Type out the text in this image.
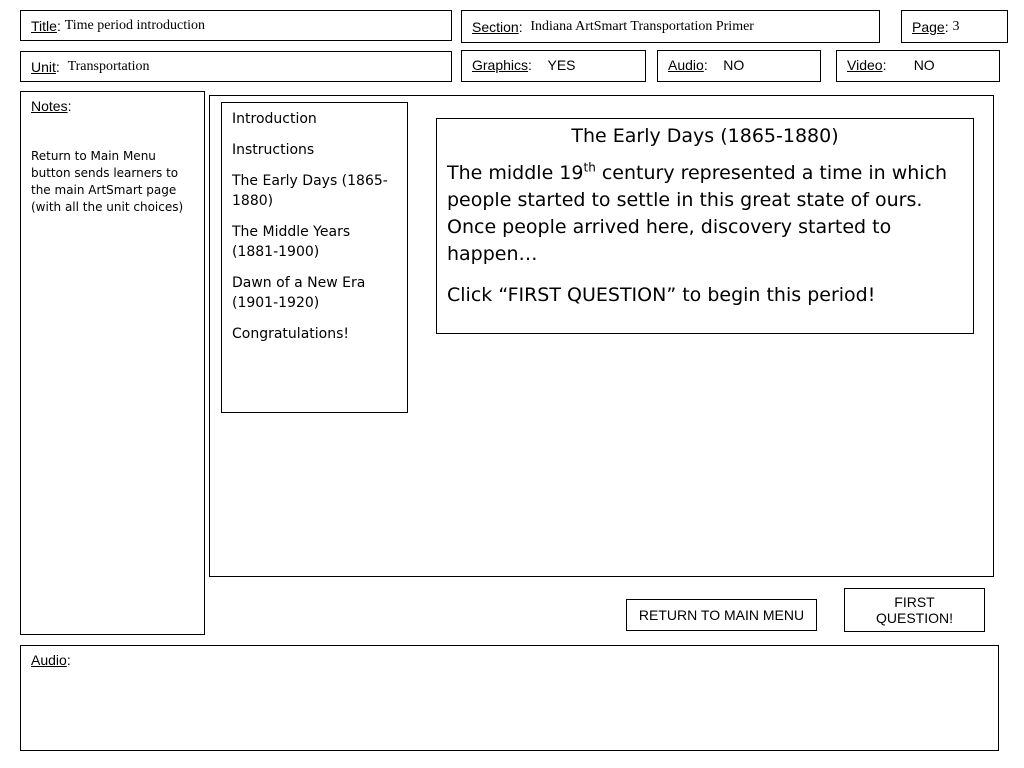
Title : Time period introduction	Section : Indiana ArtSmart Transportation Primer	Page : 3
Unit : Transportation	Graphics : YES	Audio : NO	Video : NO
Notes:
Return to Main Menu button sends learners to the main ArtSmart page (with all the unit choices)
Introduction
Instructions
The Early Days (1865-1880)
The Middle Years (1881-1900)
Dawn of a New Era (1901-1920)
Congratulations!
The Early Days (1865-1880)
The middle 19th century represented a time in which people started to settle in this great state of ours. Once people arrived here, discovery started to happen…
Click “FIRST QUESTION” to begin this period!
RETURN TO MAIN MENU
FIRST QUESTION!
Audio:
